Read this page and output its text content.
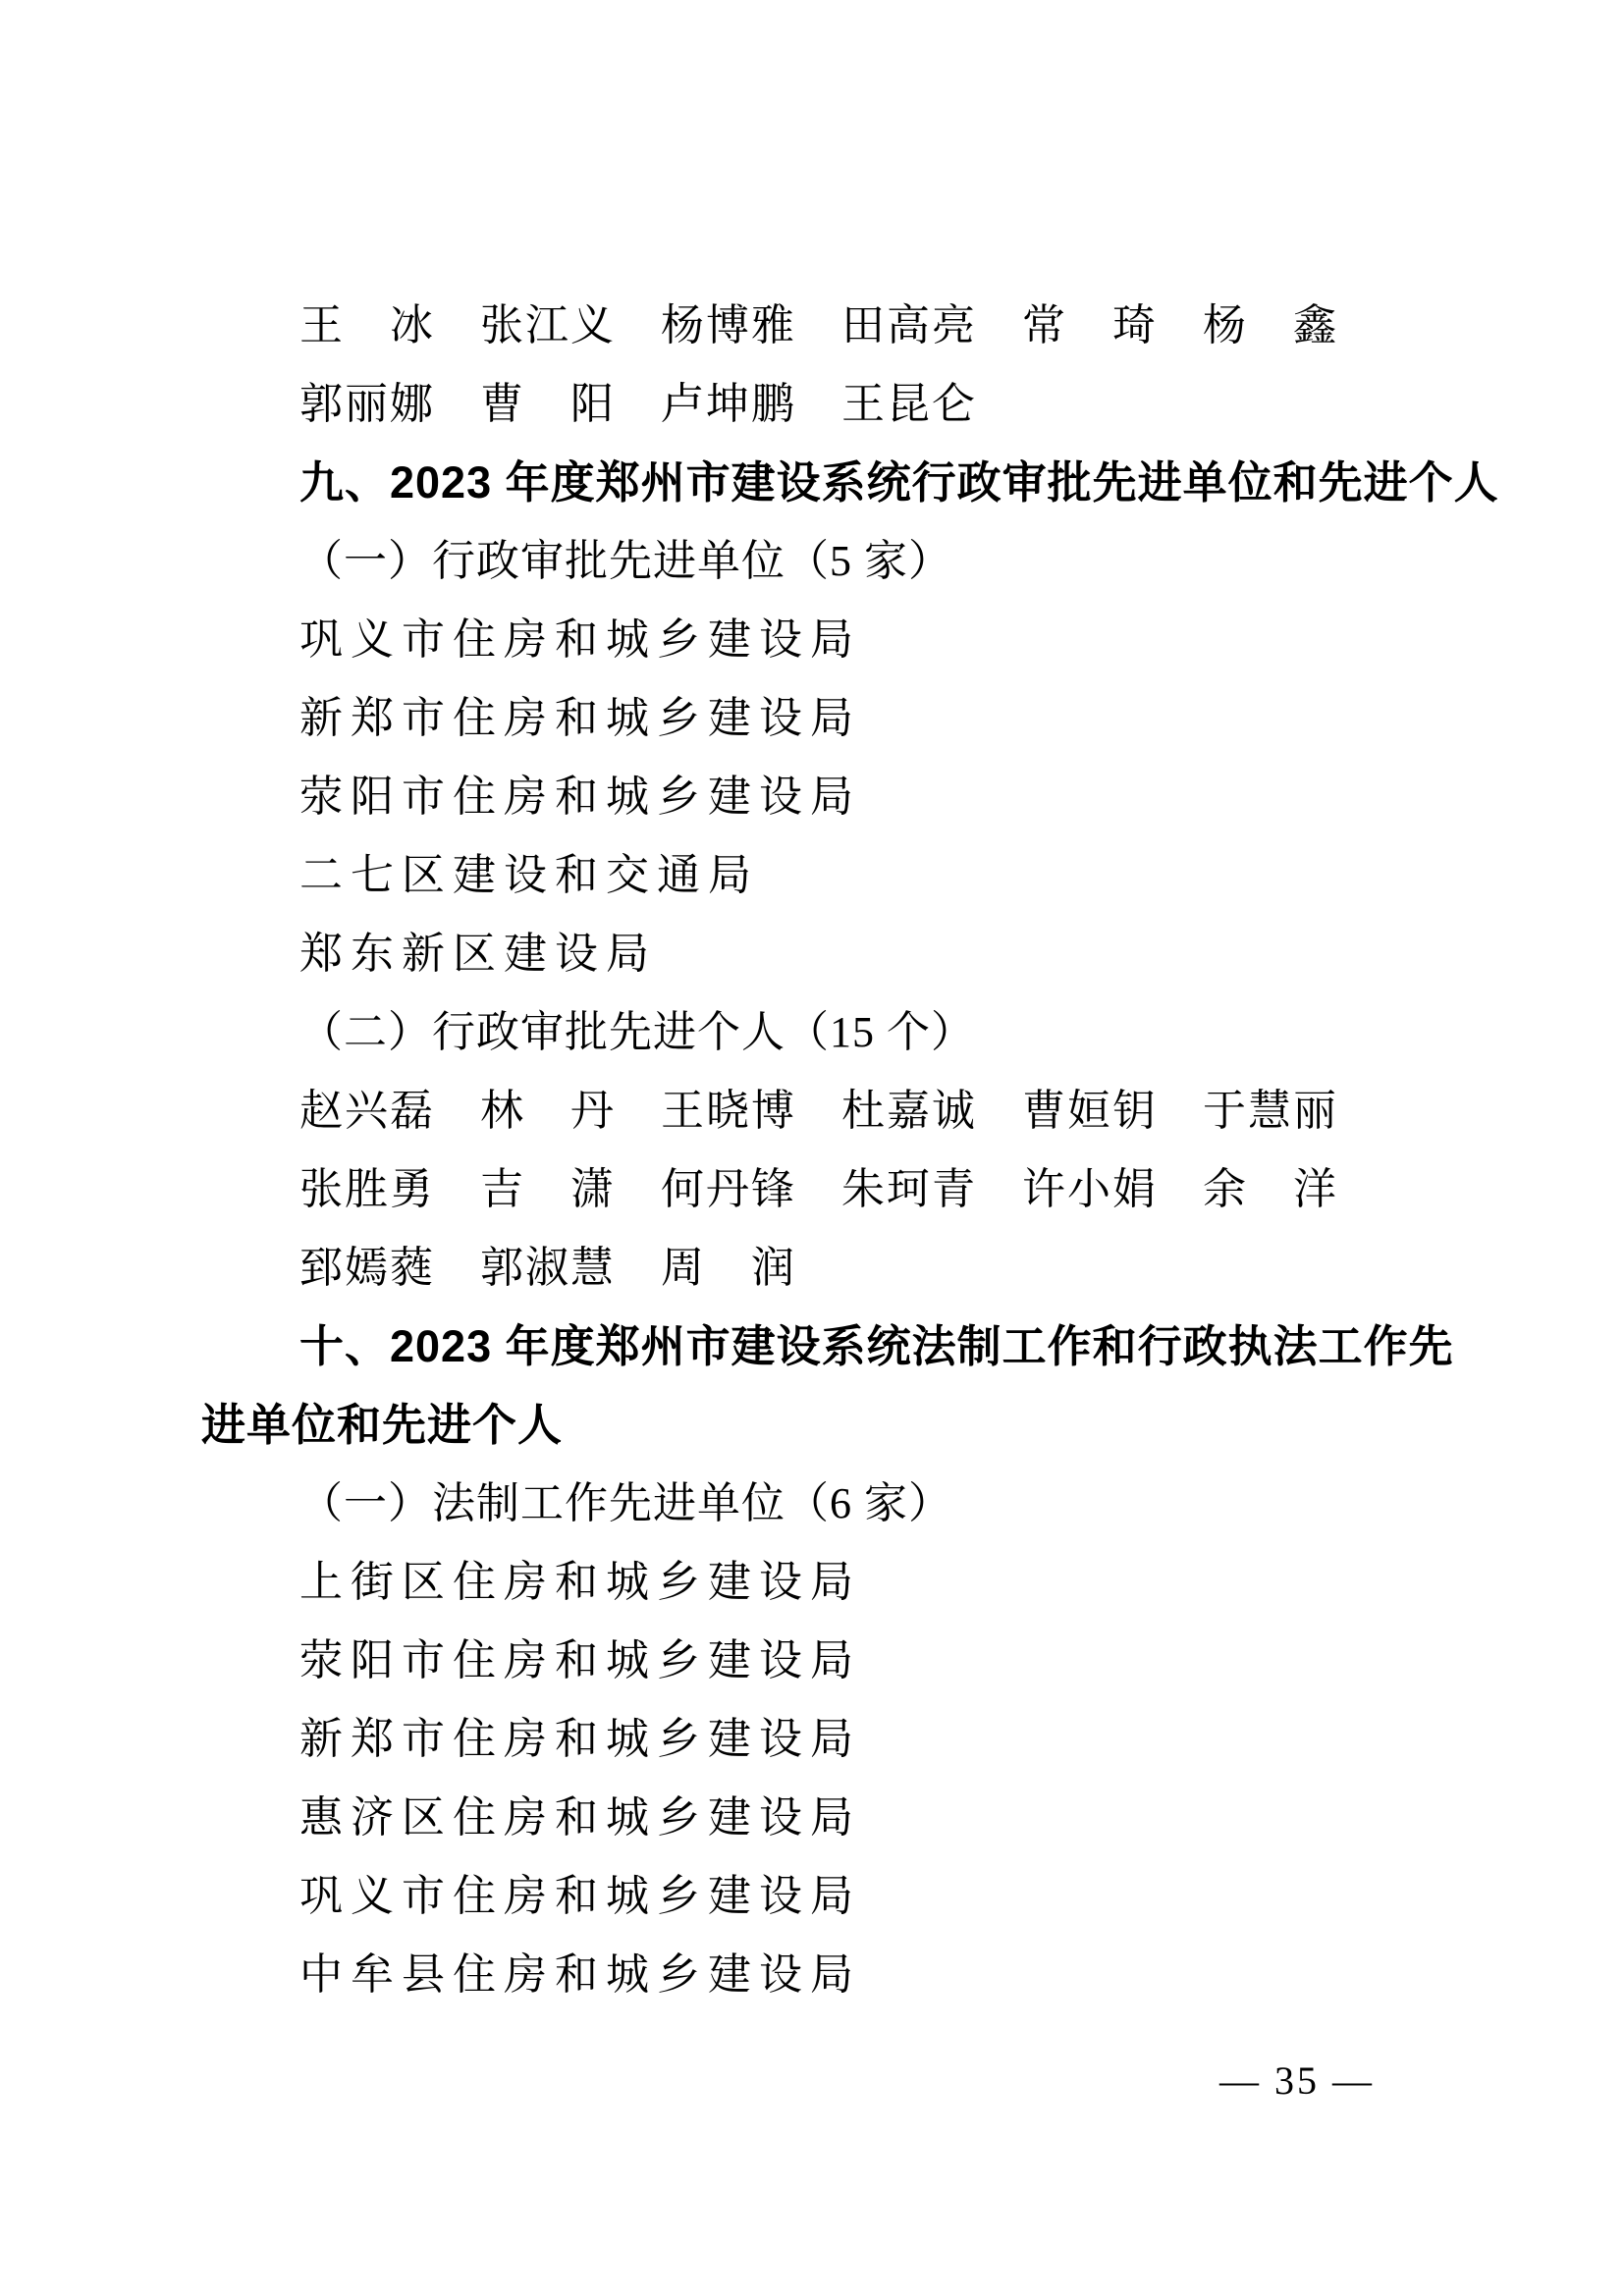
王　冰　张江义　杨博雅　田高亮　常　琦　杨　鑫
郭丽娜　曹　阳　卢坤鹏　王昆仑
九、2023 年度郑州市建设系统行政审批先进单位和先进个人
（一）行政审批先进单位（5 家）
巩义市住房和城乡建设局
新郑市住房和城乡建设局
荥阳市住房和城乡建设局
二七区建设和交通局
郑东新区建设局
（二）行政审批先进个人（15 个）
赵兴磊　林　丹　王晓博　杜嘉诚　曹姮钥　于慧丽
张胜勇　吉　潇　何丹锋　朱珂青　许小娟　余　洋
郅嫣蕤　郭淑慧　周　润
十、2023 年度郑州市建设系统法制工作和行政执法工作先
进单位和先进个人
（一）法制工作先进单位（6 家）
上街区住房和城乡建设局
荥阳市住房和城乡建设局
新郑市住房和城乡建设局
惠济区住房和城乡建设局
巩义市住房和城乡建设局
中牟县住房和城乡建设局
— 35 —
